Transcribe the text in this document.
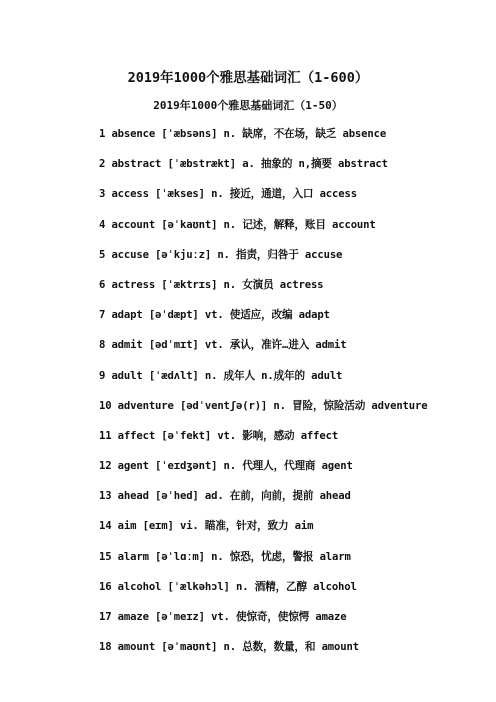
2019年1000个雅思基础词汇（1-600）
2019年1000个雅思基础词汇（1-50）
1 absence [ˈæbsəns] n. 缺席，不在场，缺乏 absence
2 abstract [ˈæbstrækt] a. 抽象的 n,摘要 abstract
3 access [ˈækses] n. 接近，通道，入口 access
4 account [əˈkaʊnt] n. 记述，解释，账目 account
5 accuse [əˈkjuːz] n. 指责，归咎于 accuse
6 actress [ˈæktrɪs] n. 女演员 actress
7 adapt [əˈdæpt] vt. 使适应，改编 adapt
8 admit [ədˈmɪt] vt. 承认，准许…进入 admit
9 adult [ˈædʌlt] n. 成年人 n.成年的 adult
10 adventure [ədˈventʃə(r)] n. 冒险，惊险活动 adventure
11 affect [əˈfekt] vt. 影响，感动 affect
12 agent [ˈeɪdʒənt] n. 代理人，代理商 agent
13 ahead [əˈhed] ad. 在前，向前，提前 ahead
14 aim [eɪm] vi. 瞄准，针对，致力 aim
15 alarm [əˈlɑːm] n. 惊恐，忧虑，警报 alarm
16 alcohol [ˈælkəhɔl] n. 酒精，乙醇 alcohol
17 amaze [əˈmeɪz] vt. 使惊奇，使惊愕 amaze
18 amount [əˈmaʊnt] n. 总数，数量，和 amount
